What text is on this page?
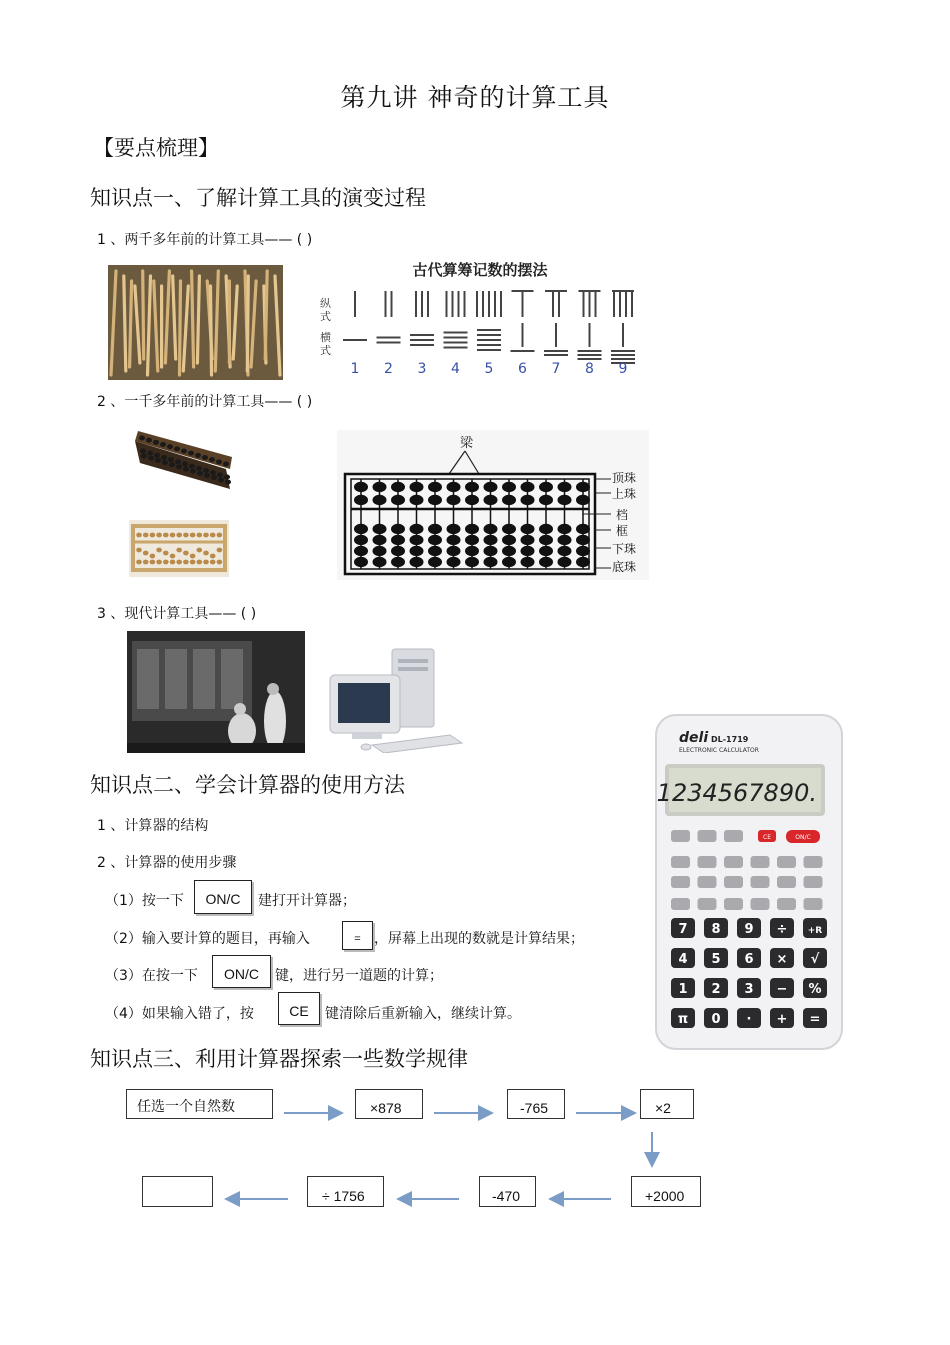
第九讲 神奇的计算工具
【要点梳理】
知识点一、了解计算工具的演变过程
1 、两千多年前的计算工具—— ( )
古代算筹记数的摆法
纵式
横式
1 2 3 4 5 6 7 8 9
2 、一千多年前的计算工具—— ( )
梁
顶珠
上珠
档
框
下珠
底珠
3 、现代计算工具—— ( )
知识点二、学会计算器的使用方法
1 、计算器的结构
2 、计算器的使用步骤
（1）按一下	ON/C	建打开计算器；
（2）输入要计算的题目，再输入	= ，屏幕上出现的数就是计算结果；
（3）在按一下	ON/C	键，进行另一道题的计算；
（4）如果输入错了，按	CE	键清除后重新输入，继续计算。
deli DL-1719
ELECTRONIC CALCULATOR
1234567890.
CE	ON/C
7 8 9 ÷ +R
4 5 6 × √
1 2 3 − %
π 0 · + =
知识点三、利用计算器探索一些数学规律
任选一个自然数	×878	-765	×2
+2000
-470
÷ 1756
